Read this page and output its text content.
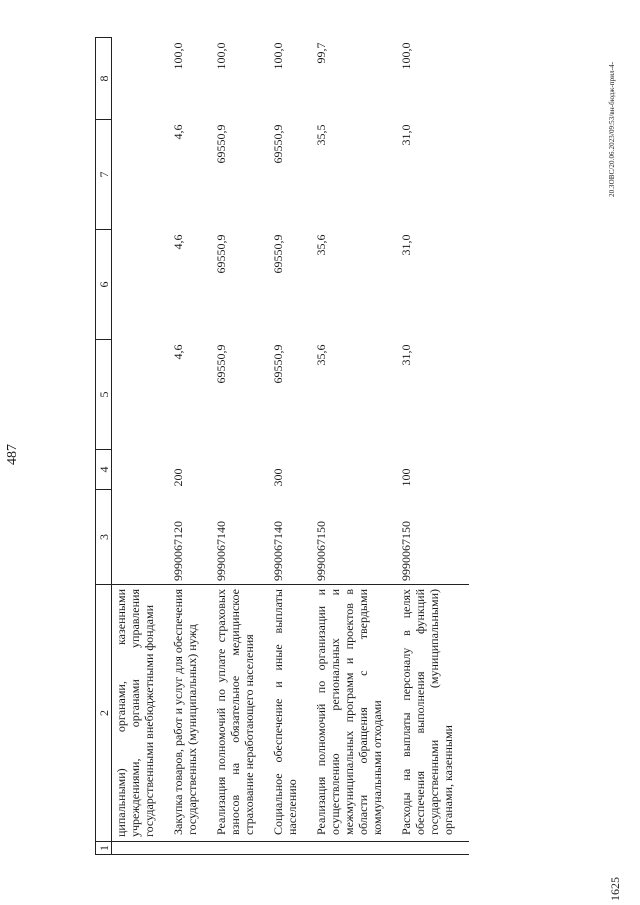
487
1	2	3	4	5	6	7	8
	ципальными) органами, казенными учреждениями, органами управления государственными внебюджетными фондами						
	Закупка товаров, работ и услуг для обеспечения государственных (муниципальных) нужд	9990067120	200	4,6	4,6	4,6	100,0
	Реализация полномочий по уплате страховых взносов на обязательное медицинское страхование неработающего населения	9990067140		69550,9	69550,9	69550,9	100,0
	Социальное обеспечение и иные выплаты населению	9990067140	300	69550,9	69550,9	69550,9	100,0
	Реализация полномочий по организации и осуществлению региональных и межмуниципальных программ и проектов в области обращения с твердыми коммунальными отходами	9990067150		35,6	35,6	35,5	99,7
	Расходы на выплаты персоналу в целях обеспечения выполнения функций государственными (муниципальными) органами, казенными	9990067150	100	31,0	31,0	31,0	100,0
1625
20.ЗОВС/20.06.2023/09:53/вн-бюдж-прил-4-
